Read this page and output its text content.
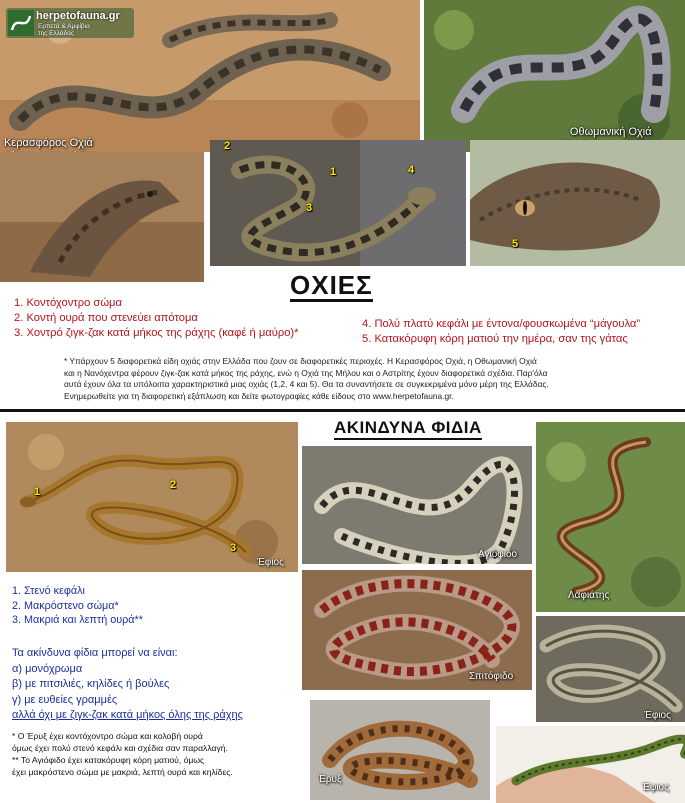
herpetofauna.gr
Ερπετά & Αμφίβια
της Ελλάδας
Κερασφόρος Οχιά
Οθωμανική Οχιά
2
1	4
3
5
ΟΧΙΕΣ
1. Κοντόχοντρο σώμα
2. Κοντή ουρά που στενεύει απότομα
3. Χοντρό ζιγκ-ζακ κατά μήκος της ράχης (καφέ ή μαύρο)*
4. Πολύ πλατύ κεφάλι με έντονα/φουσκωμένα “μάγουλα”
5. Κατακόρυφη κόρη ματιού την ημέρα, σαν της γάτας
* Υπάρχουν 5 διαφορετικά είδη οχιάς στην Ελλάδα που ζουν σε διαφορετικές περιοχές. Η Κερασφόρος Οχιά, η Οθωμανική Οχιά
και η Νανόχεντρα φέρουν ζιγκ-ζακ κατά μήκος της ράχης, ενώ η Οχιά της Μήλου και ο Αστρίτης έχουν διαφορετικά σχέδια. Παρ'όλα
αυτά έχουν όλα τα υπόλοιπα χαρακτηριστικά μιας οχιάς (1,2, 4 και 5). Θα τα συναντήσετε σε συγκεκριμένα μόνο μέρη της Ελλάδας.
Ενημερωθείτε για τη διαφορετική εξάπλωση και δείτε φωτογραφίες κάθε είδους στο www.herpetofauna.gr.
1
2
3
Έφιος
ΑΚΙΝΔΥΝΑ ΦΙΔΙΑ
Αγιόφιδο
Λαφιάτης
1. Στενό κεφάλι
2. Μακρόστενο σώμα*
3. Μακριά και λεπτή ουρά**
Τα ακίνδυνα φίδια μπορεί να είναι:
α) μονόχρωμα
β) με πιτσιλιές, κηλίδες ή βούλες
γ) με ευθείες γραμμές
αλλά όχι με ζιγκ-ζακ κατά μήκος όλης της ράχης
* Ο Έρυξ έχει κοντόχοντρο σώμα και κολοβή ουρά
όμως έχει πολύ στενό κεφάλι και σχέδια σαν παραλλαγή.
** Το Αγιόφιδο έχει κατακόρυφη κόρη ματιού, όμως
έχει μακρόστενο σώμα με μακριά, λεπτή ουρά και κηλίδες.
Σπιτόφιδο
Έφιος
Έρυξ
Έφιος
